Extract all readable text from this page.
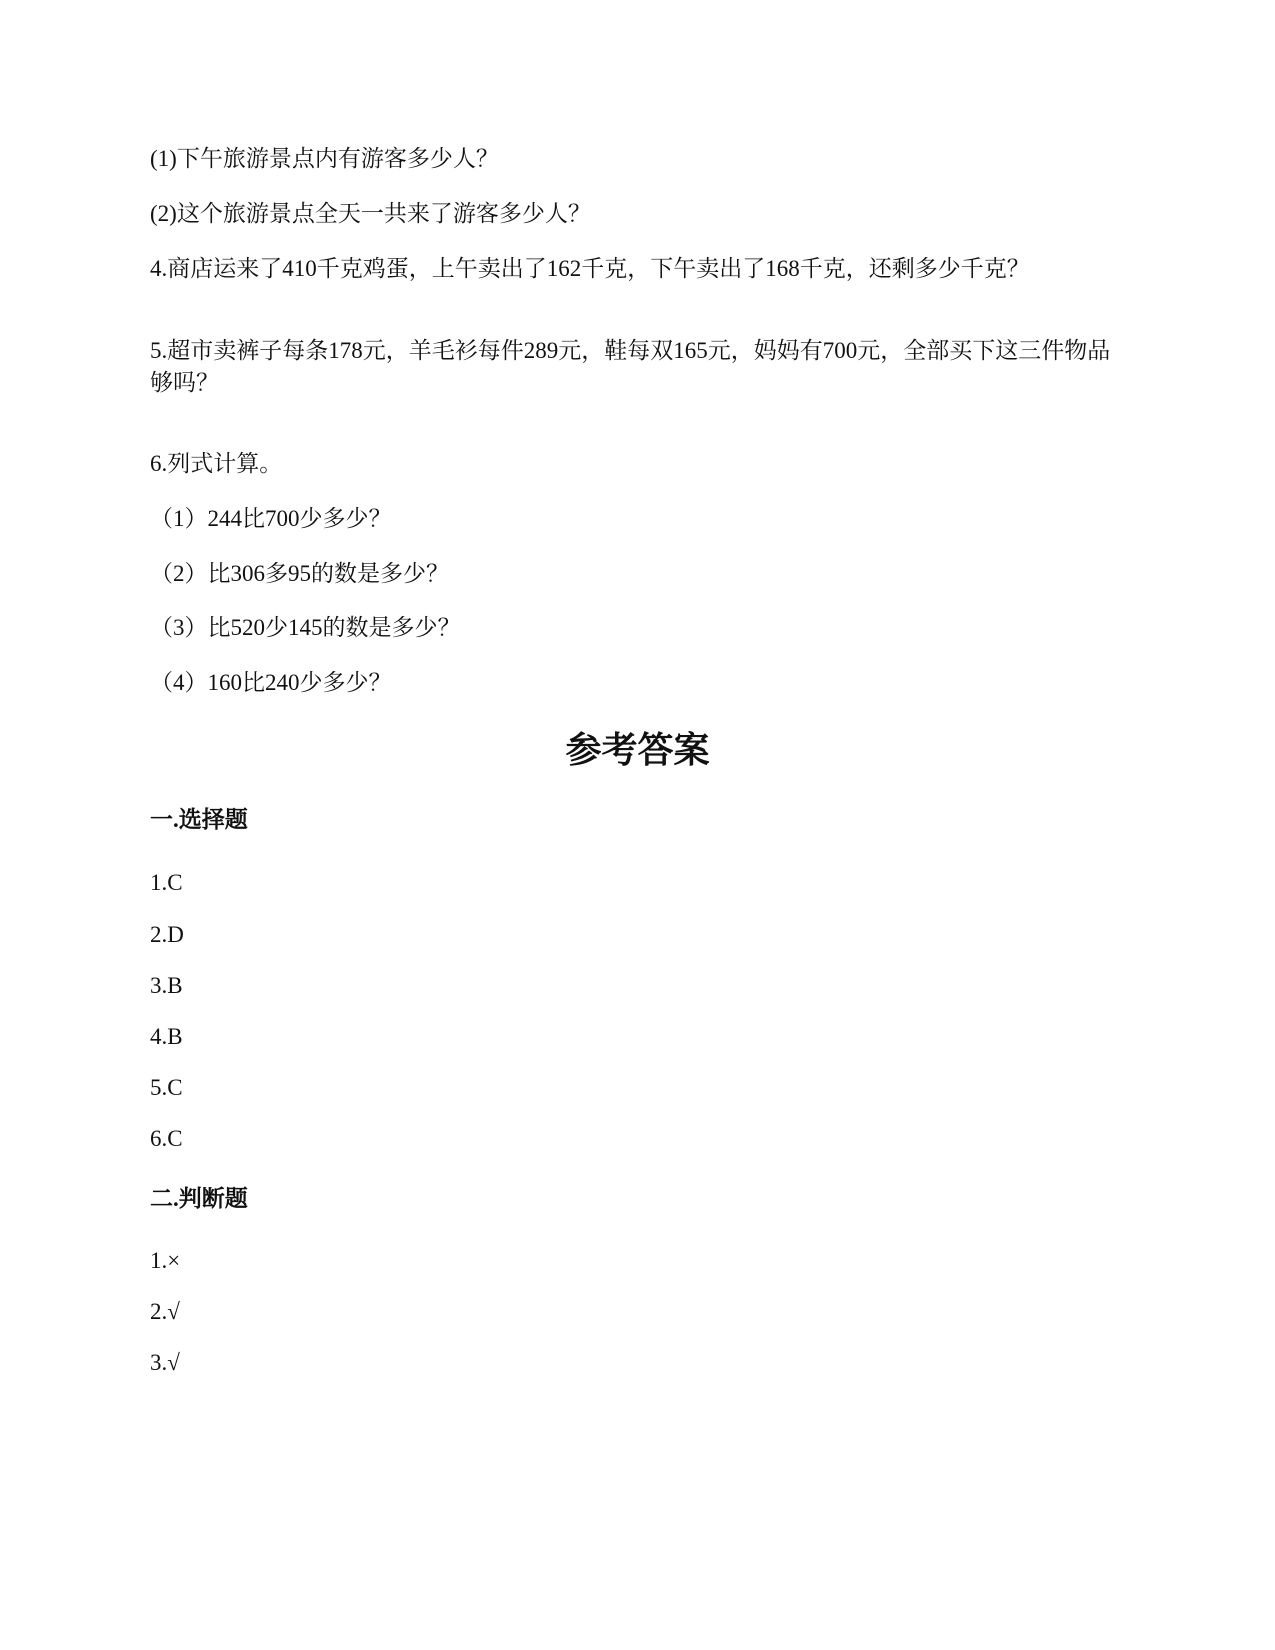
(1)下午旅游景点内有游客多少人？
(2)这个旅游景点全天一共来了游客多少人？
4.商店运来了410千克鸡蛋，上午卖出了162千克，下午卖出了168千克，还剩多少千克？
5.超市卖裤子每条178元，羊毛衫每件289元，鞋每双165元，妈妈有700元，全部买下这三件物品够吗？
6.列式计算。
（1）244比700少多少？
（2）比306多95的数是多少？
（3）比520少145的数是多少？
（4）160比240少多少？
参考答案
一.选择题
1.C
2.D
3.B
4.B
5.C
6.C
二.判断题
1.×
2.√
3.√
